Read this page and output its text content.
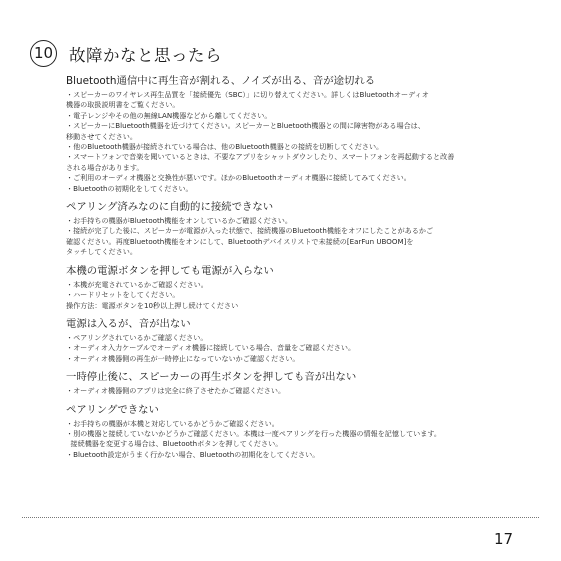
10 故障かなと思ったら
Bluetooth通信中に再生音が割れる、ノイズが出る、音が途切れる
・スピーカーのワイヤレス再生品質を「接続優先（SBC）」に切り替えてください。詳しくはBluetoothオーディオ
機器の取扱説明書をご覧ください。
・電子レンジやその他の無線LAN機器などから離してください。
・スピーカーにBluetooth機器を近づけてください。スピーカーとBluetooth機器との間に障害物がある場合は、
移動させてください。
・他のBluetooth機器が接続されている場合は、他のBluetooth機器との接続を切断してください。
・スマートフォンで音楽を聞いているときは、不要なアプリをシャットダウンしたり、スマートフォンを再起動すると改善
される場合があります。
・ご利用のオーディオ機器と交換性が悪いです。ほかのBluetoothオーディオ機器に接続してみてください。
・Bluetoothの初期化をしてください。
ペアリング済みなのに自動的に接続できない
・お手持ちの機器がBluetooth機能をオンしているかご確認ください。
・接続が完了した後に、スピーカーが電源が入った状態で、接続機器のBluetooth機能をオフにしたことがあるかご
確認ください。再度Bluetooth機能をオンにして、Bluetoothデバイスリストで未接続の[EarFun UBOOM]を
タッチしてください。
本機の電源ボタンを押しても電源が入らない
・本機が充電されているかご確認ください。
・ハードリセットをしてください。
操作方法：電源ボタンを10秒以上押し続けてください
電源は入るが、音が出ない
・ペアリングされているかご確認ください。
・オーディオ入力ケーブルでオーディオ機器に接続している場合、音量をご確認ください。
・オーディオ機器側の再生が一時停止になっていないかご確認ください。
一時停止後に、スピーカーの再生ボタンを押しても音が出ない
・オーディオ機器側のアプリは完全に終了させたかご確認ください。
ペアリングできない
・お手持ちの機器が本機と対応しているかどうかご確認ください。
・別の機器と接続していないかどうかご確認ください。本機は一度ペアリングを行った機器の情報を記憶しています。
接続機器を変更する場合は、Bluetoothボタンを押してください。
・Bluetooth設定がうまく行かない場合、Bluetoothの初期化をしてください。
17
